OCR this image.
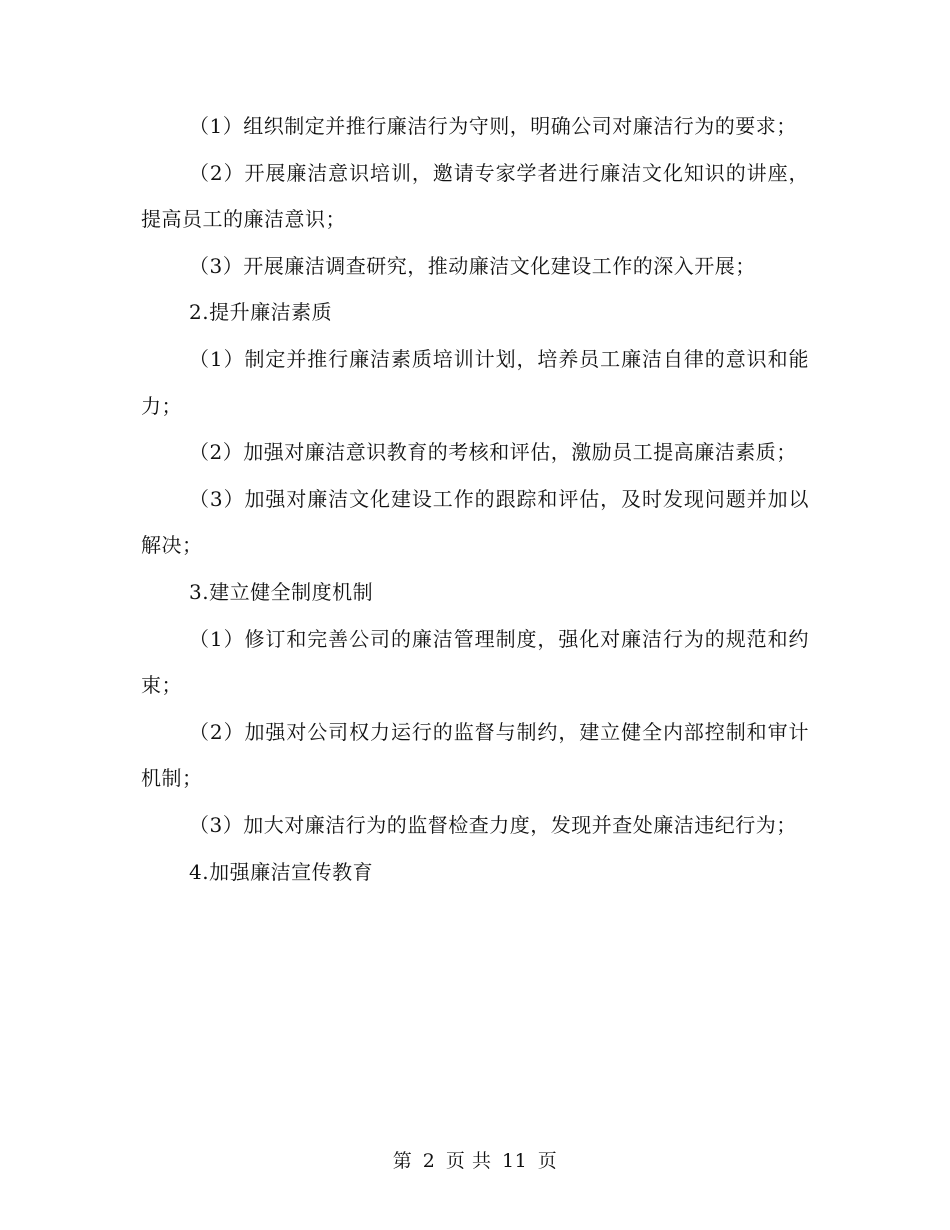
（1）组织制定并推行廉洁行为守则，明确公司对廉洁行为的要求；

（2）开展廉洁意识培训，邀请专家学者进行廉洁文化知识的讲座，提高员工的廉洁意识；

（3）开展廉洁调查研究，推动廉洁文化建设工作的深入开展；

2.提升廉洁素质

（1）制定并推行廉洁素质培训计划，培养员工廉洁自律的意识和能力；

（2）加强对廉洁意识教育的考核和评估，激励员工提高廉洁素质；

（3）加强对廉洁文化建设工作的跟踪和评估，及时发现问题并加以解决；

3.建立健全制度机制

（1）修订和完善公司的廉洁管理制度，强化对廉洁行为的规范和约束；

（2）加强对公司权力运行的监督与制约，建立健全内部控制和审计机制；

（3）加大对廉洁行为的监督检查力度，发现并查处廉洁违纪行为；

4.加强廉洁宣传教育

第 2 页 共 11 页
